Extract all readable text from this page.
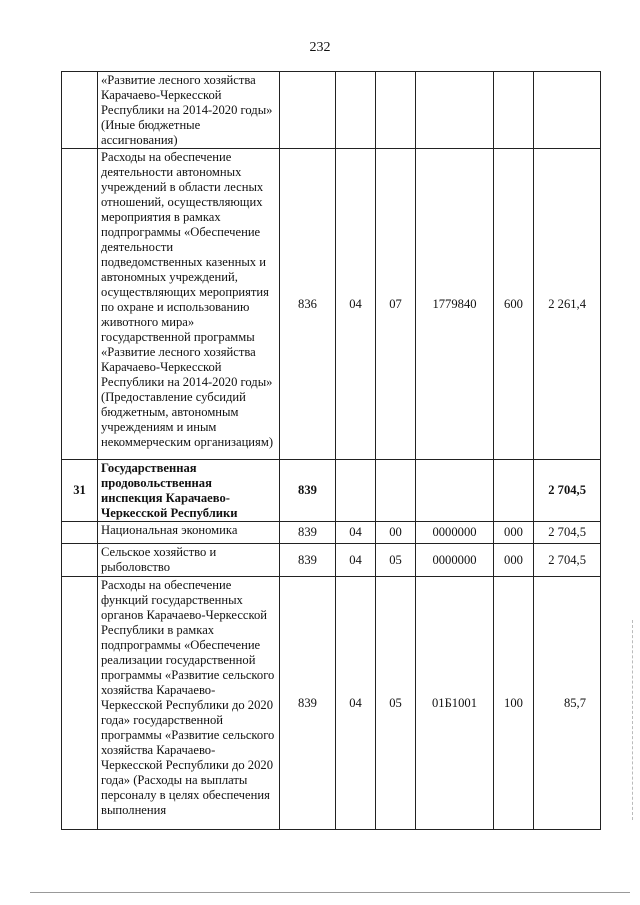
232
	«Развитие лесного хозяйства Карачаево-Черкесской Республики на 2014-2020 годы» (Иные бюджетные ассигнования)						
	Расходы на обеспечение деятельности автономных учреждений в области лесных отношений, осуществляющих мероприятия в рамках подпрограммы «Обеспечение деятельности подведомственных казенных и автономных учреждений, осуществляющих мероприятия по охране и использованию животного мира» государственной программы «Развитие лесного хозяйства Карачаево-Черкесской Республики на 2014-2020 годы» (Предоставление субсидий бюджетным, автономным учреждениям и иным некоммерческим организациям)	836	04	07	1779840	600	2 261,4
31	Государственная продовольственная инспекция Карачаево-Черкесской Республики	839					2 704,5
	Национальная экономика	839	04	00	0000000	000	2 704,5
	Сельское хозяйство и рыболовство	839	04	05	0000000	000	2 704,5
	Расходы на обеспечение функций государственных органов Карачаево-Черкесской Республики в рамках подпрограммы «Обеспечение реализации государственной программы «Развитие сельского хозяйства Карачаево-Черкесской Республики до 2020 года» государственной программы «Развитие сельского хозяйства Карачаево-Черкесской Республики до 2020 года» (Расходы на выплаты персоналу в целях обеспечения выполнения	839	04	05	01Б1001	100	85,7
